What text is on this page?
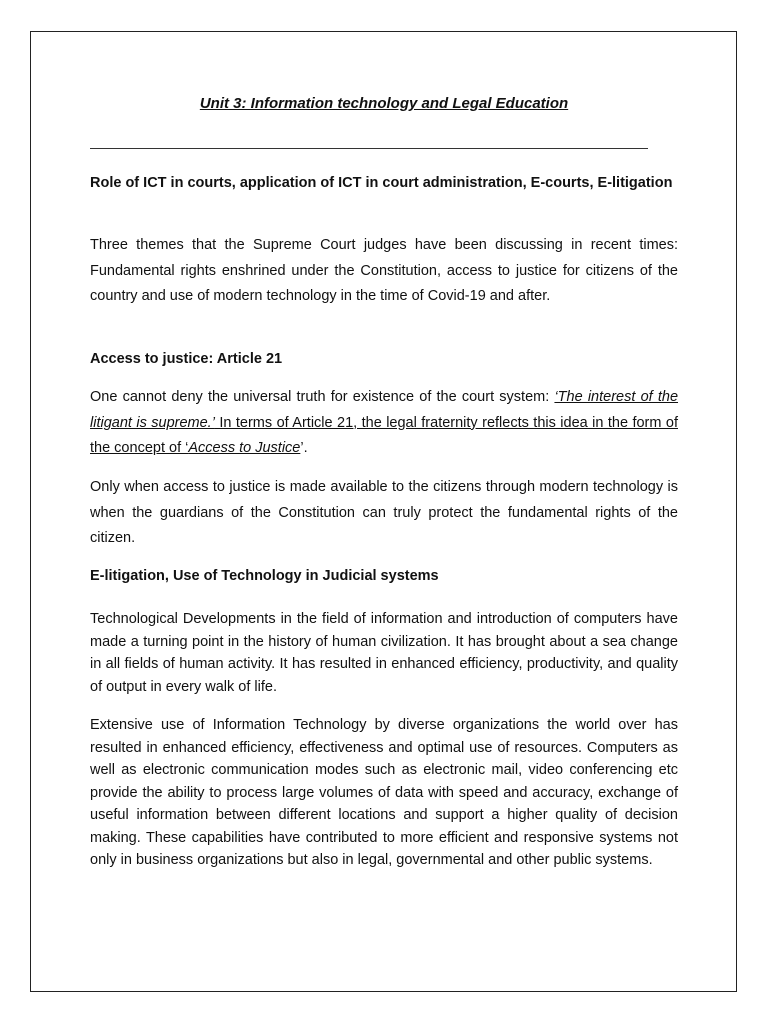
Unit 3: Information technology and Legal Education
Role of ICT in courts, application of ICT in court administration, E-courts, E-litigation

Three themes that the Supreme Court judges have been discussing in recent times: Fundamental rights enshrined under the Constitution, access to justice for citizens of the country and use of modern technology in the time of Covid-19 and after.

Access to justice: Article 21

One cannot deny the universal truth for existence of the court system: ‘The interest of the litigant is supreme.’ In terms of Article 21, the legal fraternity reflects this idea in the form of the concept of ‘Access to Justice’.

Only when access to justice is made available to the citizens through modern technology is when the guardians of the Constitution can truly protect the fundamental rights of the citizen.

E-litigation, Use of Technology in Judicial systems

Technological Developments in the field of information and introduction of computers have made a turning point in the history of human civilization. It has brought about a sea change in all fields of human activity. It has resulted in enhanced efficiency, productivity, and quality of output in every walk of life.

Extensive use of Information Technology by diverse organizations the world over has resulted in enhanced efficiency, effectiveness and optimal use of resources. Computers as well as electronic communication modes such as electronic mail, video conferencing etc provide the ability to process large volumes of data with speed and accuracy, exchange of useful information between different locations and support a higher quality of decision making. These capabilities have contributed to more efficient and responsive systems not only in business organizations but also in legal, governmental and other public systems.
